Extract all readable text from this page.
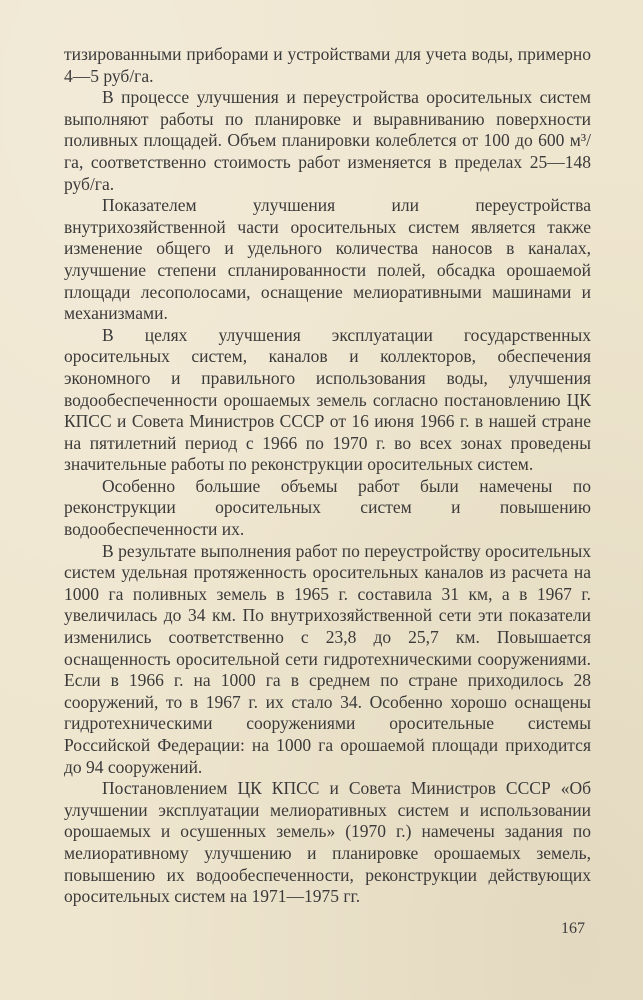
тизированными приборами и устройствами для учета воды, примерно 4—5 руб/га.

В процессе улучшения и переустройства оросительных систем выполняют работы по планировке и выравниванию поверхности поливных площадей. Объем планировки колеблется от 100 до 600 м³/га, соответственно стоимость работ изменяется в пределах 25—148 руб/га.

Показателем улучшения или переустройства внутрихозяйственной части оросительных систем является также изменение общего и удельного количества наносов в каналах, улучшение степени спланированности полей, обсадка орошаемой площади лесополосами, оснащение мелиоративными машинами и механизмами.

В целях улучшения эксплуатации государственных оросительных систем, каналов и коллекторов, обеспечения экономного и правильного использования воды, улучшения водообеспеченности орошаемых земель согласно постановлению ЦК КПСС и Совета Министров СССР от 16 июня 1966 г. в нашей стране на пятилетний период с 1966 по 1970 г. во всех зонах проведены значительные работы по реконструкции оросительных систем.

Особенно большие объемы работ были намечены по реконструкции оросительных систем и повышению водообеспеченности их.

В результате выполнения работ по переустройству оросительных систем удельная протяженность оросительных каналов из расчета на 1000 га поливных земель в 1965 г. составила 31 км, а в 1967 г. увеличилась до 34 км. По внутрихозяйственной сети эти показатели изменились соответственно с 23,8 до 25,7 км. Повышается оснащенность оросительной сети гидротехническими сооружениями. Если в 1966 г. на 1000 га в среднем по стране приходилось 28 сооружений, то в 1967 г. их стало 34. Особенно хорошо оснащены гидротехническими сооружениями оросительные системы Российской Федерации: на 1000 га орошаемой площади приходится до 94 сооружений.

Постановлением ЦК КПСС и Совета Министров СССР «Об улучшении эксплуатации мелиоративных систем и использовании орошаемых и осушенных земель» (1970 г.) намечены задания по мелиоративному улучшению и планировке орошаемых земель, повышению их водообеспеченности, реконструкции действующих оросительных систем на 1971—1975 гг.

167
